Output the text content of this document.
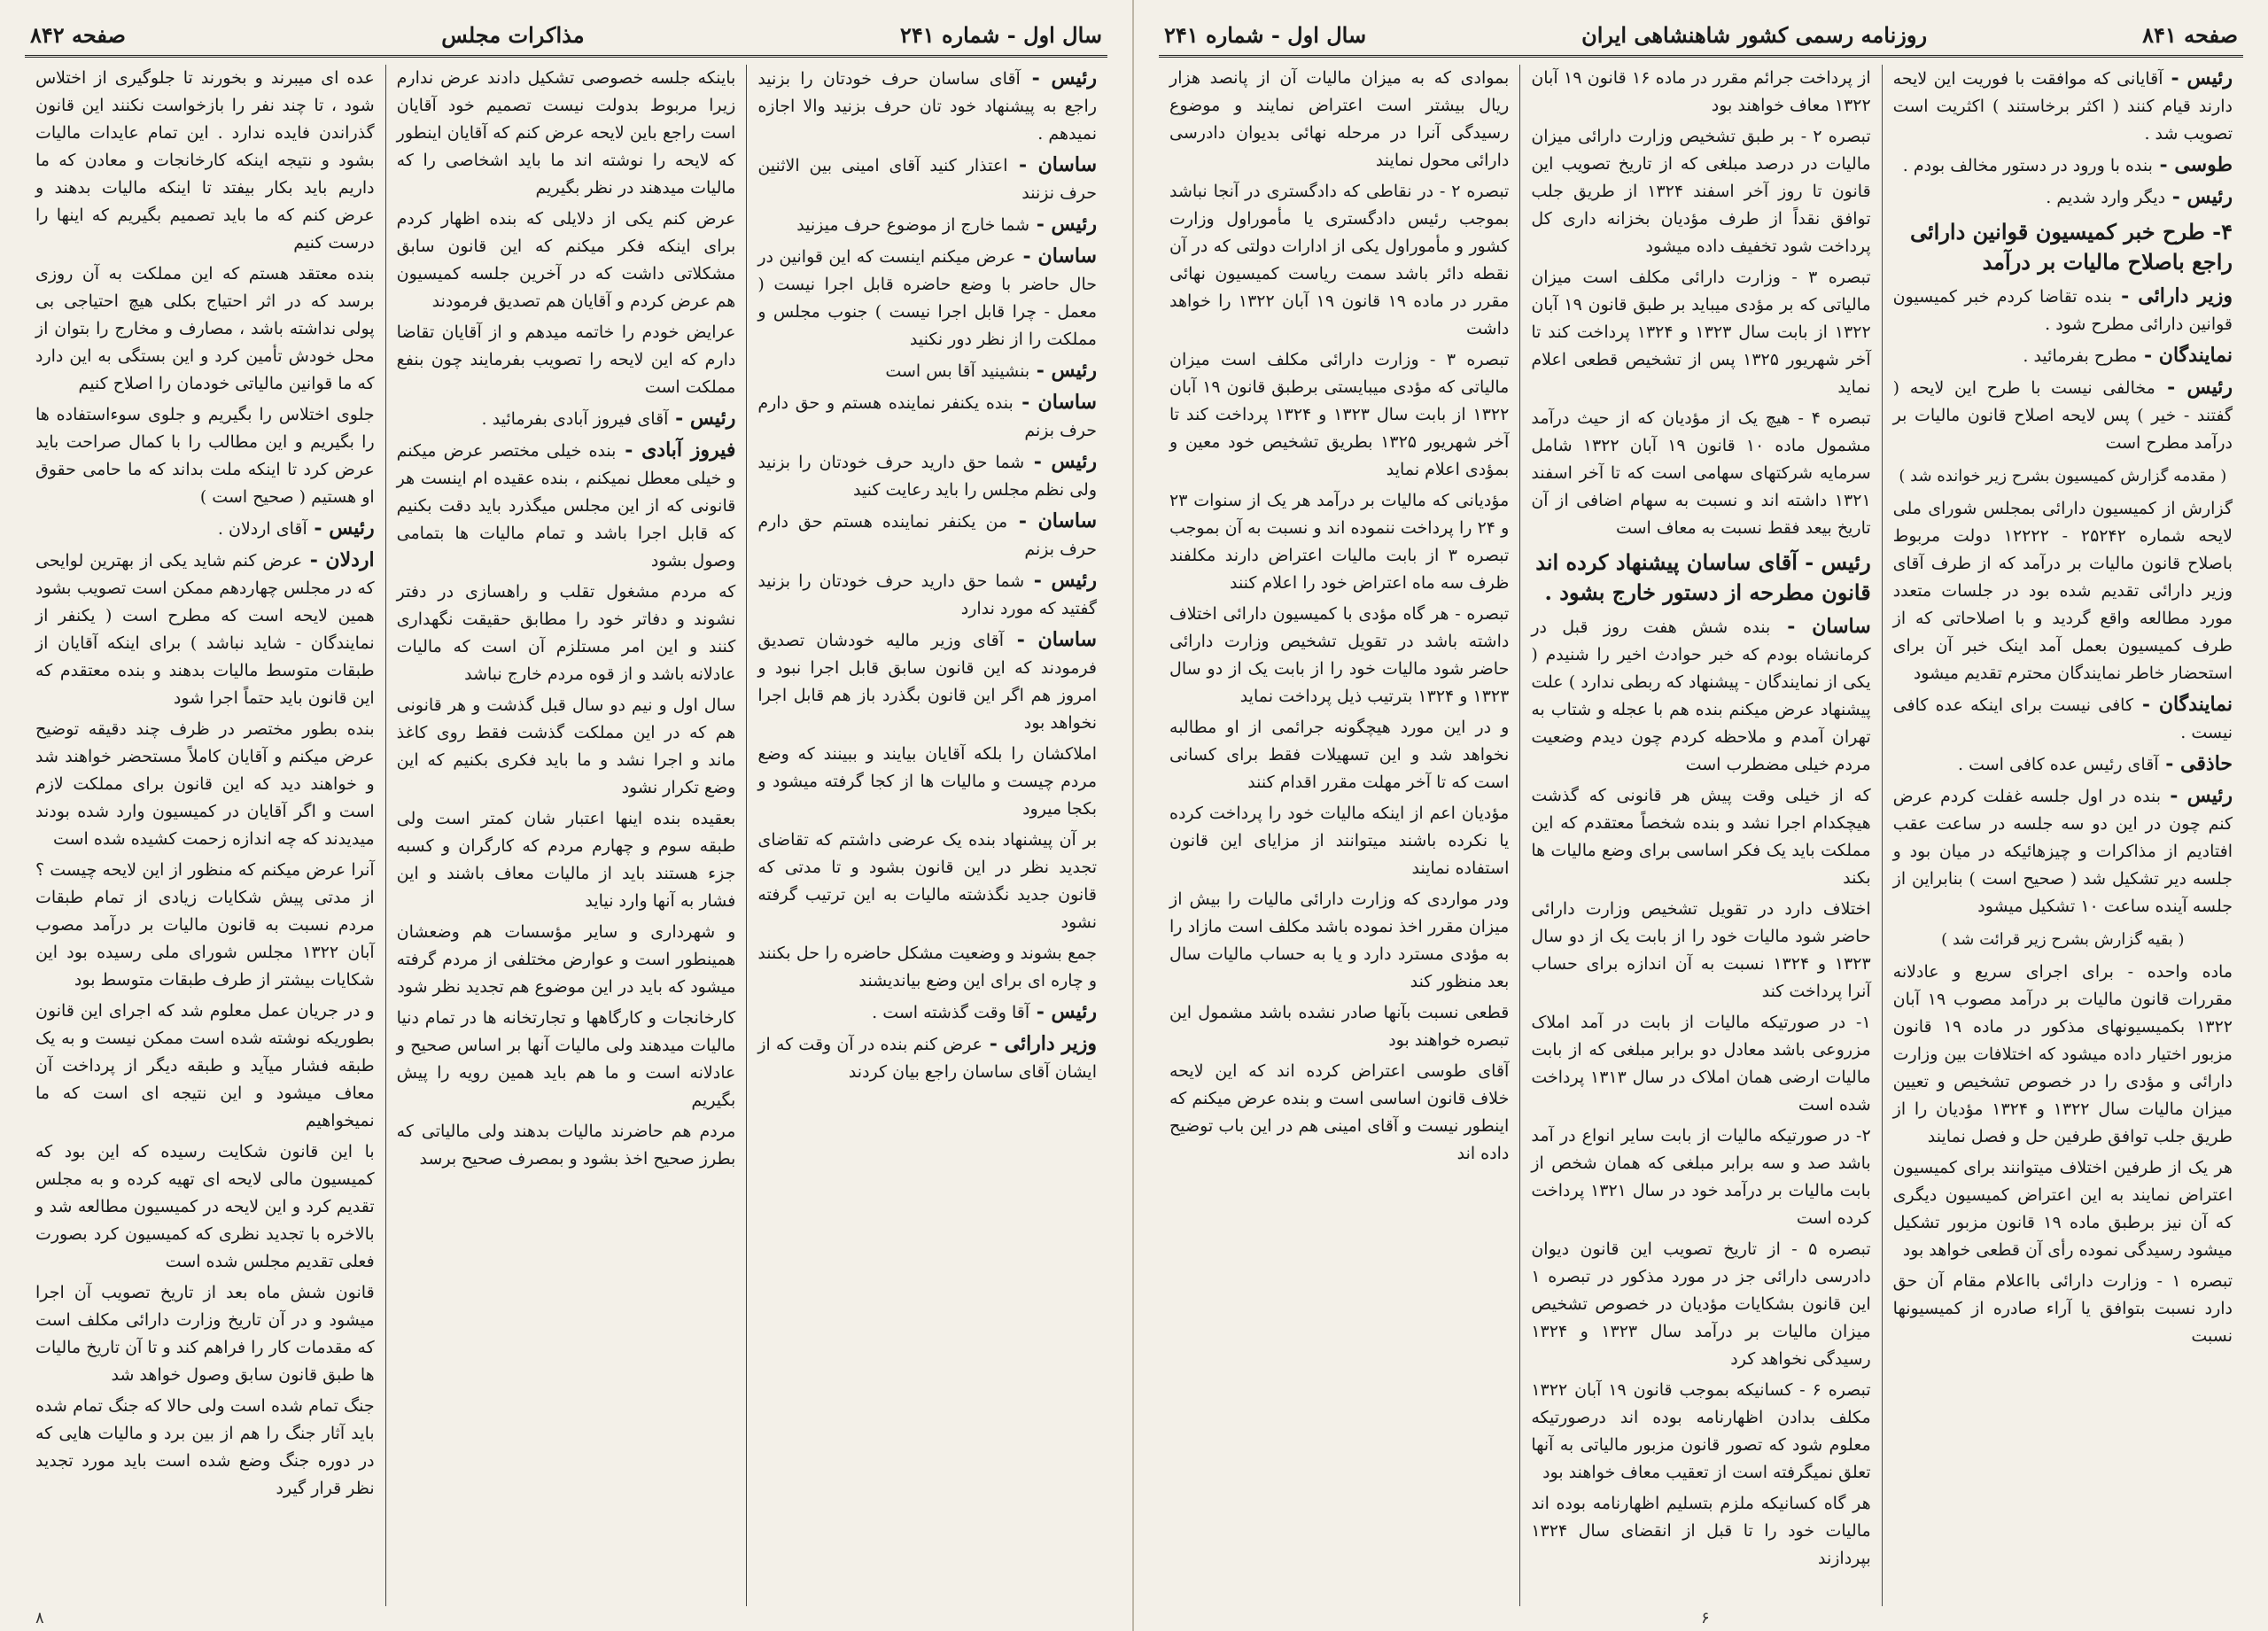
سال اول - شماره ۲۴۱
مذاکرات مجلس
صفحه ۸۴۲
رئیس - آقای ساسان حرف خودتان را بزنید راجع به پیشنهاد خود تان حرف بزنید والا اجازه نمیدهم .
ساسان - اعتذار کنید آقای امینی بین الاثنین حرف نزنند
رئیس - شما خارج از موضوع حرف میزنید
ساسان - عرض میکنم اینست که این قوانین در حال حاضر با وضع حاضره قابل اجرا نیست ( معمل - چرا قابل اجرا نیست ) جنوب مجلس و مملکت را از نظر دور نکنید
رئیس - بنشینید آقا بس است
ساسان - بنده یکنفر نماینده هستم و حق دارم حرف بزنم
رئیس - شما حق دارید حرف خودتان را بزنید ولی نظم مجلس را باید رعایت کنید
ساسان - من یکنفر نماینده هستم حق دارم حرف بزنم
رئیس - شما حق دارید حرف خودتان را بزنید گفتید که مورد ندارد
ساسان - آقای وزیر مالیه خودشان تصدیق فرمودند که این قانون سابق قابل اجرا نبود و امروز هم اگر این قانون بگذرد باز هم قابل اجرا نخواهد بود
املاکشان را بلکه آقایان بیایند و ببینند که وضع مردم چیست و مالیات ها از کجا گرفته میشود و بکجا میرود
بر آن پیشنهاد بنده یک عرضی داشتم که تقاضای تجدید نظر در این قانون بشود و تا مدتی که قانون جدید نگذشته مالیات به این ترتیب گرفته نشود
جمع بشوند و وضعیت مشکل حاضره را حل بکنند و چاره ای برای این وضع بیاندیشند
رئیس - آقا وقت گذشته است .
وزیر دارائی - عرض کنم بنده در آن وقت که از ایشان آقای ساسان راجع بیان کردند
باینکه جلسه خصوصی تشکیل دادند عرض ندارم زیرا مربوط بدولت نیست تصمیم خود آقایان است راجع باین لایحه عرض کنم که آقایان اینطور که لایحه را نوشته اند ما باید اشخاصی را که مالیات میدهند در نظر بگیریم
عرض کنم یکی از دلایلی که بنده اظهار کردم برای اینکه فکر میکنم که این قانون سابق مشکلاتی داشت که در آخرین جلسه کمیسیون هم عرض کردم و آقایان هم تصدیق فرمودند
عرایض خودم را خاتمه میدهم و از آقایان تقاضا دارم که این لایحه را تصویب بفرمایند چون بنفع مملکت است
رئیس - آقای فیروز آبادی بفرمائید .
فیروز آبادی - بنده خیلی مختصر عرض میکنم و خیلی معطل نمیکنم ، بنده عقیده ام اینست هر قانونی که از این مجلس میگذرد باید دقت بکنیم که قابل اجرا باشد و تمام مالیات ها بتمامی وصول بشود
که مردم مشغول تقلب و راهسازی در دفتر نشوند و دفاتر خود را مطابق حقیقت نگهداری کنند و این امر مستلزم آن است که مالیات عادلانه باشد و از قوه مردم خارج نباشد
سال اول و نیم دو سال قبل گذشت و هر قانونی هم که در این مملکت گذشت فقط روی کاغذ ماند و اجرا نشد و ما باید فکری بکنیم که این وضع تکرار نشود
بعقیده بنده اینها اعتبار شان کمتر است ولی طبقه سوم و چهارم مردم که کارگران و کسبه جزء هستند باید از مالیات معاف باشند و این فشار به آنها وارد نیاید
و شهرداری و سایر مؤسسات هم وضعشان همینطور است و عوارض مختلفی از مردم گرفته میشود که باید در این موضوع هم تجدید نظر شود
کارخانجات و کارگاهها و تجارتخانه ها در تمام دنیا مالیات میدهند ولی مالیات آنها بر اساس صحیح و عادلانه است و ما هم باید همین رویه را پیش بگیریم
مردم هم حاضرند مالیات بدهند ولی مالیاتی که بطرز صحیح اخذ بشود و بمصرف صحیح برسد
عده ای میبرند و بخورند تا جلوگیری از اختلاس شود ، تا چند نفر را بازخواست نکنند این قانون گذراندن فایده ندارد . این تمام عایدات مالیات بشود و نتیجه اینکه کارخانجات و معادن که ما داریم باید بکار بیفتد تا اینکه مالیات بدهند و عرض کنم که ما باید تصمیم بگیریم که اینها را درست کنیم
بنده معتقد هستم که این مملکت به آن روزی برسد که در اثر احتیاج بکلی هیچ احتیاجی بی پولی نداشته باشد ، مصارف و مخارج را بتوان از محل خودش تأمین کرد و این بستگی به این دارد که ما قوانین مالیاتی خودمان را اصلاح کنیم
جلوی اختلاس را بگیریم و جلوی سوءاستفاده ها را بگیریم و این مطالب را با کمال صراحت باید عرض کرد تا اینکه ملت بداند که ما حامی حقوق او هستیم ( صحیح است )
رئیس - آقای اردلان .
اردلان - عرض کنم شاید یکی از بهترین لوایحی که در مجلس چهاردهم ممکن است تصویب بشود همین لایحه است که مطرح است ( یکنفر از نمایندگان - شاید نباشد ) برای اینکه آقایان از طبقات متوسط مالیات بدهند و بنده معتقدم که این قانون باید حتماً اجرا شود
بنده بطور مختصر در ظرف چند دقیقه توضیح عرض میکنم و آقایان کاملاً مستحضر خواهند شد و خواهند دید که این قانون برای مملکت لازم است و اگر آقایان در کمیسیون وارد شده بودند میدیدند که چه اندازه زحمت کشیده شده است
آنرا عرض میکنم که منظور از این لایحه چیست ؟ از مدتی پیش شکایات زیادی از تمام طبقات مردم نسبت به قانون مالیات بر درآمد مصوب آبان ۱۳۲۲ مجلس شورای ملی رسیده بود این شکایات بیشتر از طرف طبقات متوسط بود
و در جریان عمل معلوم شد که اجرای این قانون بطوریکه نوشته شده است ممکن نیست و به یک طبقه فشار میآید و طبقه دیگر از پرداخت آن معاف میشود و این نتیجه ای است که ما نمیخواهیم
با این قانون شکایت رسیده که این بود که کمیسیون مالی لایحه ای تهیه کرده و به مجلس تقدیم کرد و این لایحه در کمیسیون مطالعه شد و بالاخره با تجدید نظری که کمیسیون کرد بصورت فعلی تقدیم مجلس شده است
قانون شش ماه بعد از تاریخ تصویب آن اجرا میشود و در آن تاریخ وزارت دارائی مکلف است که مقدمات کار را فراهم کند و تا آن تاریخ مالیات ها طبق قانون سابق وصول خواهد شد
جنگ تمام شده است ولی حالا که جنگ تمام شده باید آثار جنگ را هم از بین برد و مالیات هایی که در دوره جنگ وضع شده است باید مورد تجدید نظر قرار گیرد
۸
صفحه ۸۴۱
روزنامه رسمی کشور شاهنشاهی ایران
سال اول - شماره ۲۴۱
رئیس - آقایانی که موافقت با فوریت این لایحه دارند قیام کنند ( اکثر برخاستند ) اکثریت است تصویب شد .
طوسی - بنده با ورود در دستور مخالف بودم .
رئیس - دیگر وارد شدیم .
۴- طرح خبر کمیسیون قوانین دارائی راجع باصلاح مالیات بر درآمد
وزیر دارائی - بنده تقاضا کردم خبر کمیسیون قوانین دارائی مطرح شود .
نمایندگان - مطرح بفرمائید .
رئیس - مخالفی نیست با طرح این لایحه ( گفتند - خیر ) پس لایحه اصلاح قانون مالیات بر درآمد مطرح است
( مقدمه گزارش کمیسیون بشرح زیر خوانده شد )
گزارش از کمیسیون دارائی بمجلس شورای ملی لایحه شماره ۲۵۲۴۲ - ۱۲۲۲۲ دولت مربوط باصلاح قانون مالیات بر درآمد که از طرف آقای وزیر دارائی تقدیم شده بود در جلسات متعدد مورد مطالعه واقع گردید و با اصلاحاتی که از طرف کمیسیون بعمل آمد اینک خبر آن برای استحضار خاطر نمایندگان محترم تقدیم میشود
نمایندگان - کافی نیست برای اینکه عده کافی نیست .
حاذقی - آقای رئیس عده کافی است .
رئیس - بنده در اول جلسه غفلت کردم عرض کنم چون در این دو سه جلسه در ساعت عقب افتادیم از مذاکرات و چیزهائیکه در میان بود و جلسه دیر تشکیل شد ( صحیح است ) بنابراین از جلسه آینده ساعت ۱۰ تشکیل میشود
( بقیه گزارش بشرح زیر قرائت شد )
ماده واحده - برای اجرای سریع و عادلانه مقررات قانون مالیات بر درآمد مصوب ۱۹ آبان ۱۳۲۲ بکمیسیونهای مذکور در ماده ۱۹ قانون مزبور اختیار داده میشود که اختلافات بین وزارت دارائی و مؤدی را در خصوص تشخیص و تعیین میزان مالیات سال ۱۳۲۲ و ۱۳۲۴ مؤدیان را از طریق جلب توافق طرفین حل و فصل نمایند
هر یک از طرفین اختلاف میتوانند برای کمیسیون اعتراض نمایند به این اعتراض کمیسیون دیگری که آن نیز برطبق ماده ۱۹ قانون مزبور تشکیل میشود رسیدگی نموده رأی آن قطعی خواهد بود
تبصره ۱ - وزارت دارائی بااعلام مقام آن حق دارد نسبت بتوافق یا آراء صادره از کمیسیونها نسبت
از پرداخت جرائم مقرر در ماده ۱۶ قانون ۱۹ آبان ۱۳۲۲ معاف خواهند بود
تبصره ۲ - بر طبق تشخیص وزارت دارائی میزان مالیات در درصد مبلغی که از تاریخ تصویب این قانون تا روز آخر اسفند ۱۳۲۴ از طریق جلب توافق نقداً از طرف مؤدیان بخزانه داری کل پرداخت شود تخفیف داده میشود
تبصره ۳ - وزارت دارائی مکلف است میزان مالیاتی که بر مؤدی میباید بر طبق قانون ۱۹ آبان ۱۳۲۲ از بابت سال ۱۳۲۳ و ۱۳۲۴ پرداخت کند تا آخر شهریور ۱۳۲۵ پس از تشخیص قطعی اعلام نماید
تبصره ۴ - هیچ یک از مؤدیان که از حیث درآمد مشمول ماده ۱۰ قانون ۱۹ آبان ۱۳۲۲ شامل سرمایه شرکتهای سهامی است که تا آخر اسفند ۱۳۲۱ داشته اند و نسبت به سهام اضافی از آن تاریخ بیعد فقط نسبت به معاف است
رئیس - آقای ساسان پیشنهاد کرده اند قانون مطرحه از دستور خارج بشود .
ساسان - بنده شش هفت روز قبل در کرمانشاه بودم که خبر حوادث اخیر را شنیدم ( یکی از نمایندگان - پیشنهاد که ربطی ندارد ) علت پیشنهاد عرض میکنم بنده هم با عجله و شتاب به تهران آمدم و ملاحظه کردم چون دیدم وضعیت مردم خیلی مضطرب است
که از خیلی وقت پیش هر قانونی که گذشت هیچکدام اجرا نشد و بنده شخصاً معتقدم که این مملکت باید یک فکر اساسی برای وضع مالیات ها بکند
اختلاف دارد در تقویل تشخیص وزارت دارائی حاضر شود مالیات خود را از بابت یک از دو سال ۱۳۲۳ و ۱۳۲۴ نسبت به آن اندازه برای حساب آنرا پرداخت کند
۱- در صورتیکه مالیات از بابت در آمد املاک مزروعی باشد معادل دو برابر مبلغی که از بابت مالیات ارضی همان املاک در سال ۱۳۱۳ پرداخت شده است
۲- در صورتیکه مالیات از بابت سایر انواع در آمد باشد صد و سه برابر مبلغی که همان شخص از بابت مالیات بر درآمد خود در سال ۱۳۲۱ پرداخت کرده است
تبصره ۵ - از تاریخ تصویب این قانون دیوان دادرسی دارائی جز در مورد مذکور در تبصره ۱ این قانون بشکایات مؤدیان در خصوص تشخیص میزان مالیات بر درآمد سال ۱۳۲۳ و ۱۳۲۴ رسیدگی نخواهد کرد
تبصره ۶ - کسانیکه بموجب قانون ۱۹ آبان ۱۳۲۲ مکلف بدادن اظهارنامه بوده اند درصورتیکه معلوم شود که تصور قانون مزبور مالیاتی به آنها تعلق نمیگرفته است از تعقیب معاف خواهند بود
هر گاه کسانیکه ملزم بتسلیم اظهارنامه بوده اند مالیات خود را تا قبل از انقضای سال ۱۳۲۴ بپردازند
بموادی که به میزان مالیات آن از پانصد هزار ریال بیشتر است اعتراض نمایند و موضوع رسیدگی آنرا در مرحله نهائی بدیوان دادرسی دارائی محول نمایند
تبصره ۲ - در نقاطی که دادگستری در آنجا نباشد بموجب رئیس دادگستری یا مأموراول وزارت کشور و مأموراول یکی از ادارات دولتی که در آن نقطه دائر باشد سمت ریاست کمیسیون نهائی مقرر در ماده ۱۹ قانون ۱۹ آبان ۱۳۲۲ را خواهد داشت
تبصره ۳ - وزارت دارائی مکلف است میزان مالیاتی که مؤدی میبایستی برطبق قانون ۱۹ آبان ۱۳۲۲ از بابت سال ۱۳۲۳ و ۱۳۲۴ پرداخت کند تا آخر شهریور ۱۳۲۵ بطریق تشخیص خود معین و بمؤدی اعلام نماید
مؤدیانی که مالیات بر درآمد هر یک از سنوات ۲۳ و ۲۴ را پرداخت ننموده اند و نسبت به آن بموجب تبصره ۳ از بابت مالیات اعتراض دارند مکلفند ظرف سه ماه اعتراض خود را اعلام کنند
تبصره - هر گاه مؤدی با کمیسیون دارائی اختلاف داشته باشد در تقویل تشخیص وزارت دارائی حاضر شود مالیات خود را از بابت یک از دو سال ۱۳۲۳ و ۱۳۲۴ بترتیب ذیل پرداخت نماید
و در این مورد هیچگونه جرائمی از او مطالبه نخواهد شد و این تسهیلات فقط برای کسانی است که تا آخر مهلت مقرر اقدام کنند
مؤدیان اعم از اینکه مالیات خود را پرداخت کرده یا نکرده باشند میتوانند از مزایای این قانون استفاده نمایند
ودر مواردی که وزارت دارائی مالیات را بیش از میزان مقرر اخذ نموده باشد مکلف است مازاد را به مؤدی مسترد دارد و یا به حساب مالیات سال بعد منظور کند
قطعی نسبت بآنها صادر نشده باشد مشمول این تبصره خواهند بود
آقای طوسی اعتراض کرده اند که این لایحه خلاف قانون اساسی است و بنده عرض میکنم که اینطور نیست و آقای امینی هم در این باب توضیح داده اند
۶
